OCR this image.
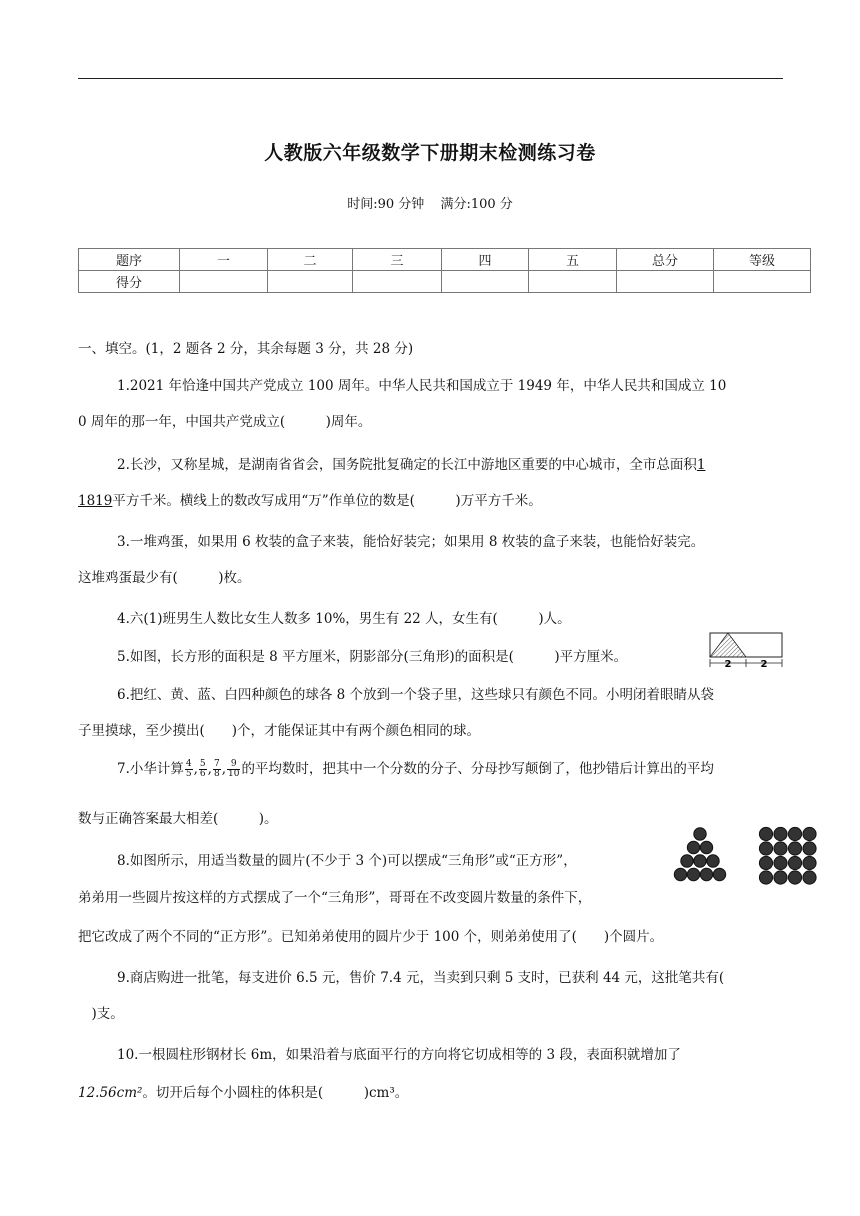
人教版六年级数学下册期末检测练习卷
时间:90 分钟 满分:100 分
题序	一	二	三	四	五	总分	等级
得分							
一、填空。(1，2 题各 2 分，其余每题 3 分，共 28 分)
1.2021 年恰逢中国共产党成立 100 周年。中华人民共和国成立于 1949 年，中华人民共和国成立 10
0 周年的那一年，中国共产党成立(　　　)周年。
2.长沙，又称星城，是湖南省省会，国务院批复确定的长江中游地区重要的中心城市，全市总面积1
1819平方千米。横线上的数改写成用“万”作单位的数是(　　　)万平方千米。
3.一堆鸡蛋，如果用 6 枚装的盒子来装，能恰好装完；如果用 8 枚装的盒子来装，也能恰好装完。
这堆鸡蛋最少有(　　　)枚。
4.六(1)班男生人数比女生人数多 10%，男生有 22 人，女生有(　　　)人。
2	2
5.如图，长方形的面积是 8 平方厘米，阴影部分(三角形)的面积是(　　　)平方厘米。
6.把红、黄、蓝、白四种颜色的球各 8 个放到一个袋子里，这些球只有颜色不同。小明闭着眼睛从袋
子里摸球，至少摸出(　　)个，才能保证其中有两个颜色相同的球。
7.小华计算 $\frac{4}{5}$ , $\frac{5}{6}$ , $\frac{7}{8}$ , $\frac{9}{10}$ 的平均数时，把其中一个分数的分子、分母抄写颠倒了，他抄错后计算出的平均
数与正确答案最大相差(　　　)。
8.如图所示，用适当数量的圆片(不少于 3 个)可以摆成“三角形”或“正方形”，
弟弟用一些圆片按这样的方式摆成了一个“三角形”，哥哥在不改变圆片数量的条件下，
把它改成了两个不同的“正方形”。已知弟弟使用的圆片少于 100 个，则弟弟使用了(　　)个圆片。
9.商店购进一批笔，每支进价 6.5 元，售价 7.4 元，当卖到只剩 5 支时，已获利 44 元，这批笔共有(
　)支。
10.一根圆柱形钢材长 6m，如果沿着与底面平行的方向将它切成相等的 3 段，表面积就增加了
12.56cm²。切开后每个小圆柱的体积是(　　　)cm³。
